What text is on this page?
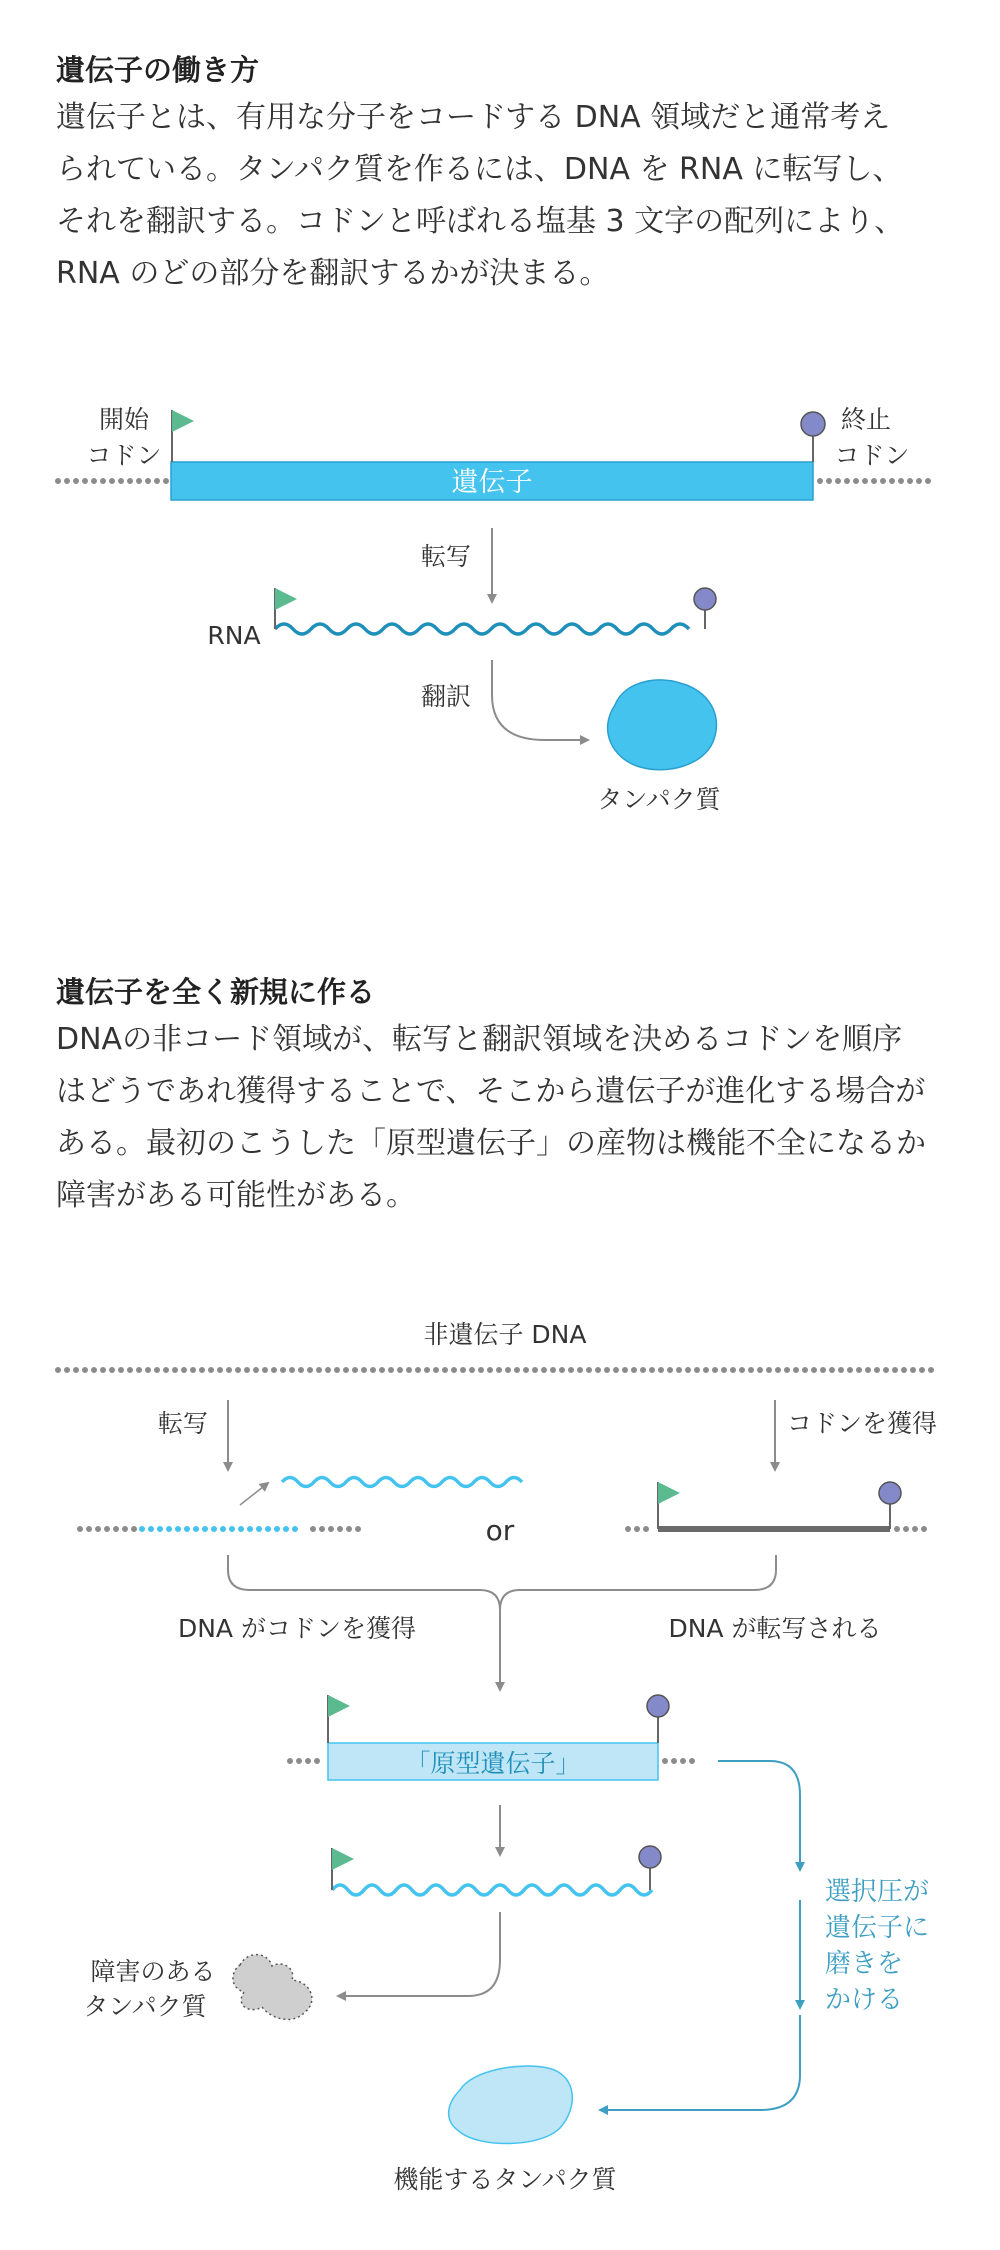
遺伝子の働き方
遺伝子とは、有用な分子をコードする DNA 領域だと通常考え
られている。タンパク質を作るには、DNA を RNA に転写し、
それを翻訳する。コドンと呼ばれる塩基 3 文字の配列により、
RNA のどの部分を翻訳するかが決まる。
遺伝子
開始
コドン
終止
コドン
転写
RNA
翻訳
タンパク質
遺伝子を全く新規に作る
DNAの非コード領域が、転写と翻訳領域を決めるコドンを順序
はどうであれ獲得することで、そこから遺伝子が進化する場合が
ある。最初のこうした「原型遺伝子」の産物は機能不全になるか
障害がある可能性がある。
非遺伝子 DNA
転写
or
コドンを獲得
DNA がコドンを獲得	DNA が転写される
「原型遺伝子」
障害のある
タンパク質
選択圧が
遺伝子に
磨きを
かける
機能するタンパク質
